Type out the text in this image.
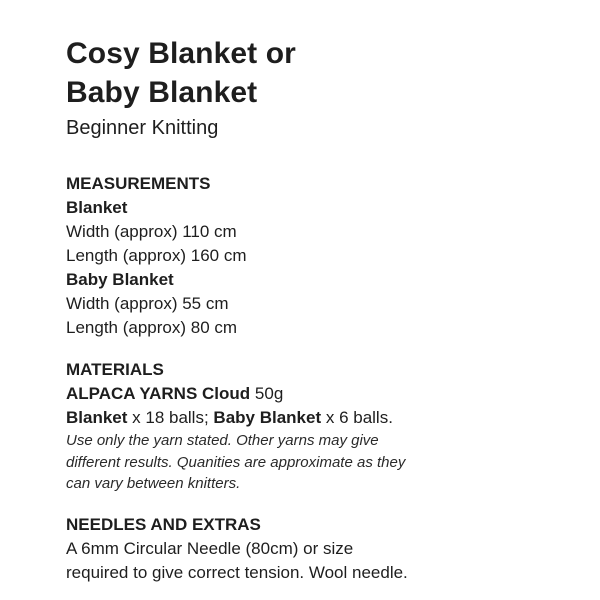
Cosy Blanket or
Baby Blanket

Beginner Knitting

MEASUREMENTS
Blanket
Width (approx) 110 cm
Length (approx) 160 cm
Baby Blanket
Width (approx) 55 cm
Length (approx) 80 cm
MATERIALS
ALPACA YARNS Cloud 50g
Blanket x 18 balls; Baby Blanket x 6 balls.
Use only the yarn stated. Other yarns may give
different results. Quanities are approximate as they
can vary between knitters.
NEEDLES AND EXTRAS
A 6mm Circular Needle (80cm) or size
required to give correct tension. Wool needle.
